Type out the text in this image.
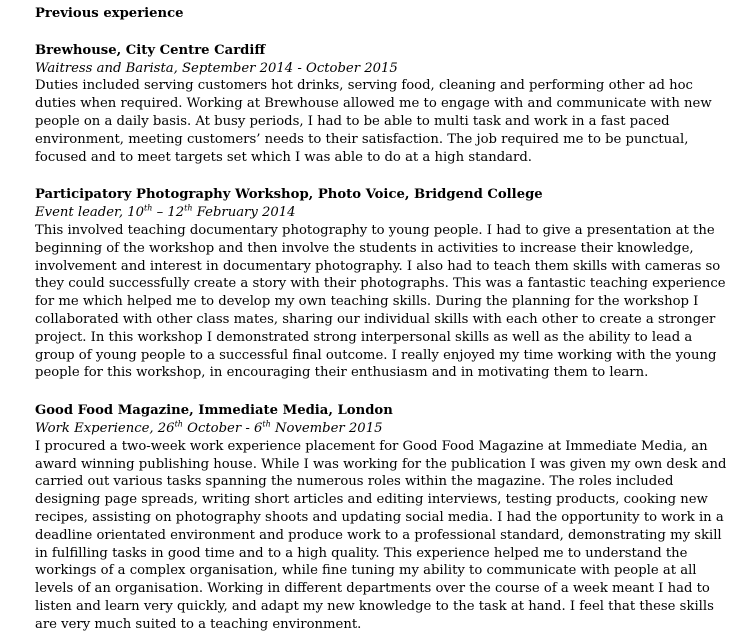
Previous experience

Brewhouse, City Centre Cardiff

Waitress and Barista, September 2014 - October 2015

Duties included serving customers hot drinks, serving food, cleaning and performing other ad hoc duties when required. Working at Brewhouse allowed me to engage with and communicate with new people on a daily basis. At busy periods, I had to be able to multi task and work in a fast paced environment, meeting customers’ needs to their satisfaction. The job required me to be punctual, focused and to meet targets set which I was able to do at a high standard.

Participatory Photography Workshop, Photo Voice, Bridgend College

Event leader, 10th – 12th February 2014

This involved teaching documentary photography to young people. I had to give a presentation at the beginning of the workshop and then involve the students in activities to increase their knowledge, involvement and interest in documentary photography. I also had to teach them skills with cameras so they could successfully create a story with their photographs. This was a fantastic teaching experience for me which helped me to develop my own teaching skills. During the planning for the workshop I collaborated with other class mates, sharing our individual skills with each other to create a stronger project. In this workshop I demonstrated strong interpersonal skills as well as the ability to lead a group of young people to a successful final outcome. I really enjoyed my time working with the young people for this workshop, in encouraging their enthusiasm and in motivating them to learn.

Good Food Magazine, Immediate Media, London

Work Experience, 26th October - 6th November 2015

I procured a two-week work experience placement for Good Food Magazine at Immediate Media, an award winning publishing house. While I was working for the publication I was given my own desk and carried out various tasks spanning the numerous roles within the magazine. The roles included designing page spreads, writing short articles and editing interviews, testing products, cooking new recipes, assisting on photography shoots and updating social media. I had the opportunity to work in a deadline orientated environment and produce work to a professional standard, demonstrating my skill in fulfilling tasks in good time and to a high quality. This experience helped me to understand the workings of a complex organisation, while fine tuning my ability to communicate with people at all levels of an organisation. Working in different departments over the course of a week meant I had to listen and learn very quickly, and adapt my new knowledge to the task at hand. I feel that these skills are very much suited to a teaching environment.
